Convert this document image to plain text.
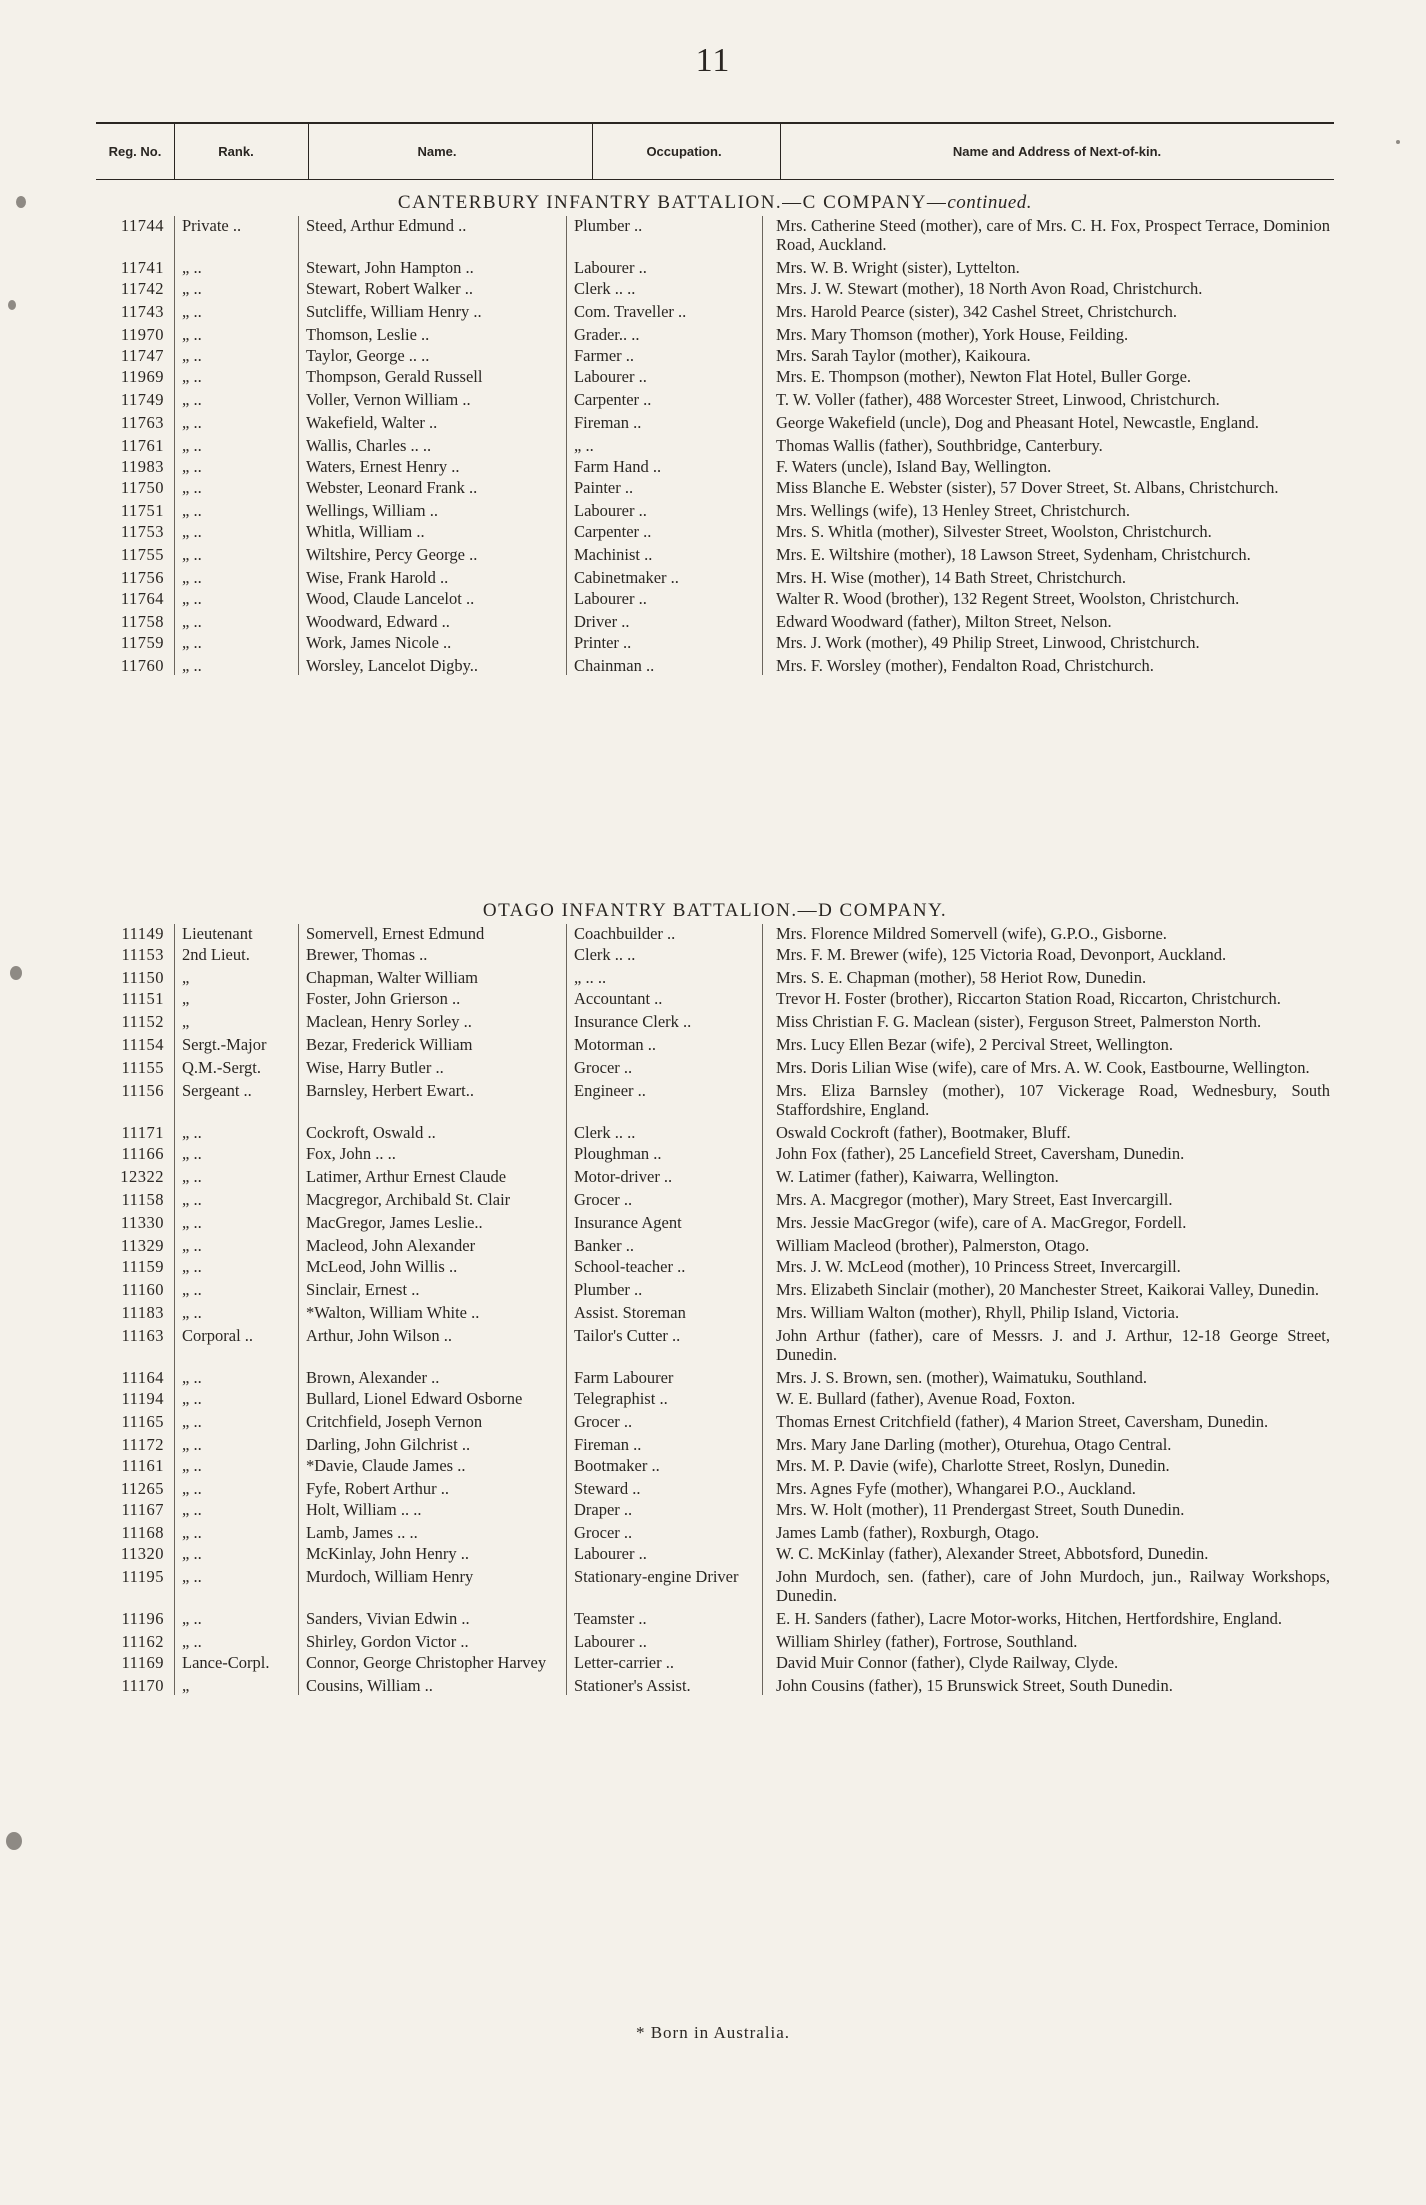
11
Reg. No.	Rank.	Name.	Occupation.	Name and Address of Next-of-kin.
CANTERBURY INFANTRY BATTALION.—C COMPANY—continued.
11744	Private ..	Steed, Arthur Edmund ..	Plumber ..	Mrs. Catherine Steed (mother), care of Mrs. C. H. Fox, Prospect Terrace, Dominion Road, Auckland.
11741	„ ..	Stewart, John Hampton ..	Labourer ..	Mrs. W. B. Wright (sister), Lyttelton.
11742	„ ..	Stewart, Robert Walker ..	Clerk .. ..	Mrs. J. W. Stewart (mother), 18 North Avon Road, Christchurch.
11743	„ ..	Sutcliffe, William Henry ..	Com. Traveller ..	Mrs. Harold Pearce (sister), 342 Cashel Street, Christchurch.
11970	„ ..	Thomson, Leslie ..	Grader.. ..	Mrs. Mary Thomson (mother), York House, Feilding.
11747	„ ..	Taylor, George .. ..	Farmer ..	Mrs. Sarah Taylor (mother), Kaikoura.
11969	„ ..	Thompson, Gerald Russell	Labourer ..	Mrs. E. Thompson (mother), Newton Flat Hotel, Buller Gorge.
11749	„ ..	Voller, Vernon William ..	Carpenter ..	T. W. Voller (father), 488 Worcester Street, Linwood, Christchurch.
11763	„ ..	Wakefield, Walter ..	Fireman ..	George Wakefield (uncle), Dog and Pheasant Hotel, Newcastle, England.
11761	„ ..	Wallis, Charles .. ..	„ ..	Thomas Wallis (father), Southbridge, Canterbury.
11983	„ ..	Waters, Ernest Henry ..	Farm Hand ..	F. Waters (uncle), Island Bay, Wellington.
11750	„ ..	Webster, Leonard Frank ..	Painter ..	Miss Blanche E. Webster (sister), 57 Dover Street, St. Albans, Christchurch.
11751	„ ..	Wellings, William ..	Labourer ..	Mrs. Wellings (wife), 13 Henley Street, Christchurch.
11753	„ ..	Whitla, William ..	Carpenter ..	Mrs. S. Whitla (mother), Silvester Street, Woolston, Christchurch.
11755	„ ..	Wiltshire, Percy George ..	Machinist ..	Mrs. E. Wiltshire (mother), 18 Lawson Street, Sydenham, Christchurch.
11756	„ ..	Wise, Frank Harold ..	Cabinetmaker ..	Mrs. H. Wise (mother), 14 Bath Street, Christchurch.
11764	„ ..	Wood, Claude Lancelot ..	Labourer ..	Walter R. Wood (brother), 132 Regent Street, Woolston, Christchurch.
11758	„ ..	Woodward, Edward ..	Driver ..	Edward Woodward (father), Milton Street, Nelson.
11759	„ ..	Work, James Nicole ..	Printer ..	Mrs. J. Work (mother), 49 Philip Street, Linwood, Christchurch.
11760	„ ..	Worsley, Lancelot Digby..	Chainman ..	Mrs. F. Worsley (mother), Fendalton Road, Christchurch.
OTAGO INFANTRY BATTALION.—D COMPANY.
11149	Lieutenant	Somervell, Ernest Edmund	Coachbuilder ..	Mrs. Florence Mildred Somervell (wife), G.P.O., Gisborne.
11153	2nd Lieut.	Brewer, Thomas ..	Clerk .. ..	Mrs. F. M. Brewer (wife), 125 Victoria Road, Devonport, Auckland.
11150	„	Chapman, Walter William	„ .. ..	Mrs. S. E. Chapman (mother), 58 Heriot Row, Dunedin.
11151	„	Foster, John Grierson ..	Accountant ..	Trevor H. Foster (brother), Riccarton Station Road, Riccarton, Christchurch.
11152	„	Maclean, Henry Sorley ..	Insurance Clerk ..	Miss Christian F. G. Maclean (sister), Ferguson Street, Palmerston North.
11154	Sergt.-Major	Bezar, Frederick William	Motorman ..	Mrs. Lucy Ellen Bezar (wife), 2 Percival Street, Wellington.
11155	Q.M.-Sergt.	Wise, Harry Butler ..	Grocer ..	Mrs. Doris Lilian Wise (wife), care of Mrs. A. W. Cook, Eastbourne, Wellington.
11156	Sergeant ..	Barnsley, Herbert Ewart..	Engineer ..	Mrs. Eliza Barnsley (mother), 107 Vickerage Road, Wednesbury, South Staffordshire, England.
11171	„ ..	Cockroft, Oswald ..	Clerk .. ..	Oswald Cockroft (father), Bootmaker, Bluff.
11166	„ ..	Fox, John .. ..	Ploughman ..	John Fox (father), 25 Lancefield Street, Caversham, Dunedin.
12322	„ ..	Latimer, Arthur Ernest Claude	Motor-driver ..	W. Latimer (father), Kaiwarra, Wellington.
11158	„ ..	Macgregor, Archibald St. Clair	Grocer ..	Mrs. A. Macgregor (mother), Mary Street, East Invercargill.
11330	„ ..	MacGregor, James Leslie..	Insurance Agent	Mrs. Jessie MacGregor (wife), care of A. MacGregor, Fordell.
11329	„ ..	Macleod, John Alexander	Banker ..	William Macleod (brother), Palmerston, Otago.
11159	„ ..	McLeod, John Willis ..	School-teacher ..	Mrs. J. W. McLeod (mother), 10 Princess Street, Invercargill.
11160	„ ..	Sinclair, Ernest ..	Plumber ..	Mrs. Elizabeth Sinclair (mother), 20 Manchester Street, Kaikorai Valley, Dunedin.
11183	„ ..	*Walton, William White ..	Assist. Storeman	Mrs. William Walton (mother), Rhyll, Philip Island, Victoria.
11163	Corporal ..	Arthur, John Wilson ..	Tailor's Cutter ..	John Arthur (father), care of Messrs. J. and J. Arthur, 12-18 George Street, Dunedin.
11164	„ ..	Brown, Alexander ..	Farm Labourer	Mrs. J. S. Brown, sen. (mother), Waimatuku, Southland.
11194	„ ..	Bullard, Lionel Edward Osborne	Telegraphist ..	W. E. Bullard (father), Avenue Road, Foxton.
11165	„ ..	Critchfield, Joseph Vernon	Grocer ..	Thomas Ernest Critchfield (father), 4 Marion Street, Caversham, Dunedin.
11172	„ ..	Darling, John Gilchrist ..	Fireman ..	Mrs. Mary Jane Darling (mother), Oturehua, Otago Central.
11161	„ ..	*Davie, Claude James ..	Bootmaker ..	Mrs. M. P. Davie (wife), Charlotte Street, Roslyn, Dunedin.
11265	„ ..	Fyfe, Robert Arthur ..	Steward ..	Mrs. Agnes Fyfe (mother), Whangarei P.O., Auckland.
11167	„ ..	Holt, William .. ..	Draper ..	Mrs. W. Holt (mother), 11 Prendergast Street, South Dunedin.
11168	„ ..	Lamb, James .. ..	Grocer ..	James Lamb (father), Roxburgh, Otago.
11320	„ ..	McKinlay, John Henry ..	Labourer ..	W. C. McKinlay (father), Alexander Street, Abbotsford, Dunedin.
11195	„ ..	Murdoch, William Henry	Stationary-engine Driver	John Murdoch, sen. (father), care of John Murdoch, jun., Railway Workshops, Dunedin.
11196	„ ..	Sanders, Vivian Edwin ..	Teamster ..	E. H. Sanders (father), Lacre Motor-works, Hitchen, Hertfordshire, England.
11162	„ ..	Shirley, Gordon Victor ..	Labourer ..	William Shirley (father), Fortrose, Southland.
11169	Lance-Corpl.	Connor, George Christopher Harvey	Letter-carrier ..	David Muir Connor (father), Clyde Railway, Clyde.
11170	„	Cousins, William ..	Stationer's Assist.	John Cousins (father), 15 Brunswick Street, South Dunedin.
* Born in Australia.
